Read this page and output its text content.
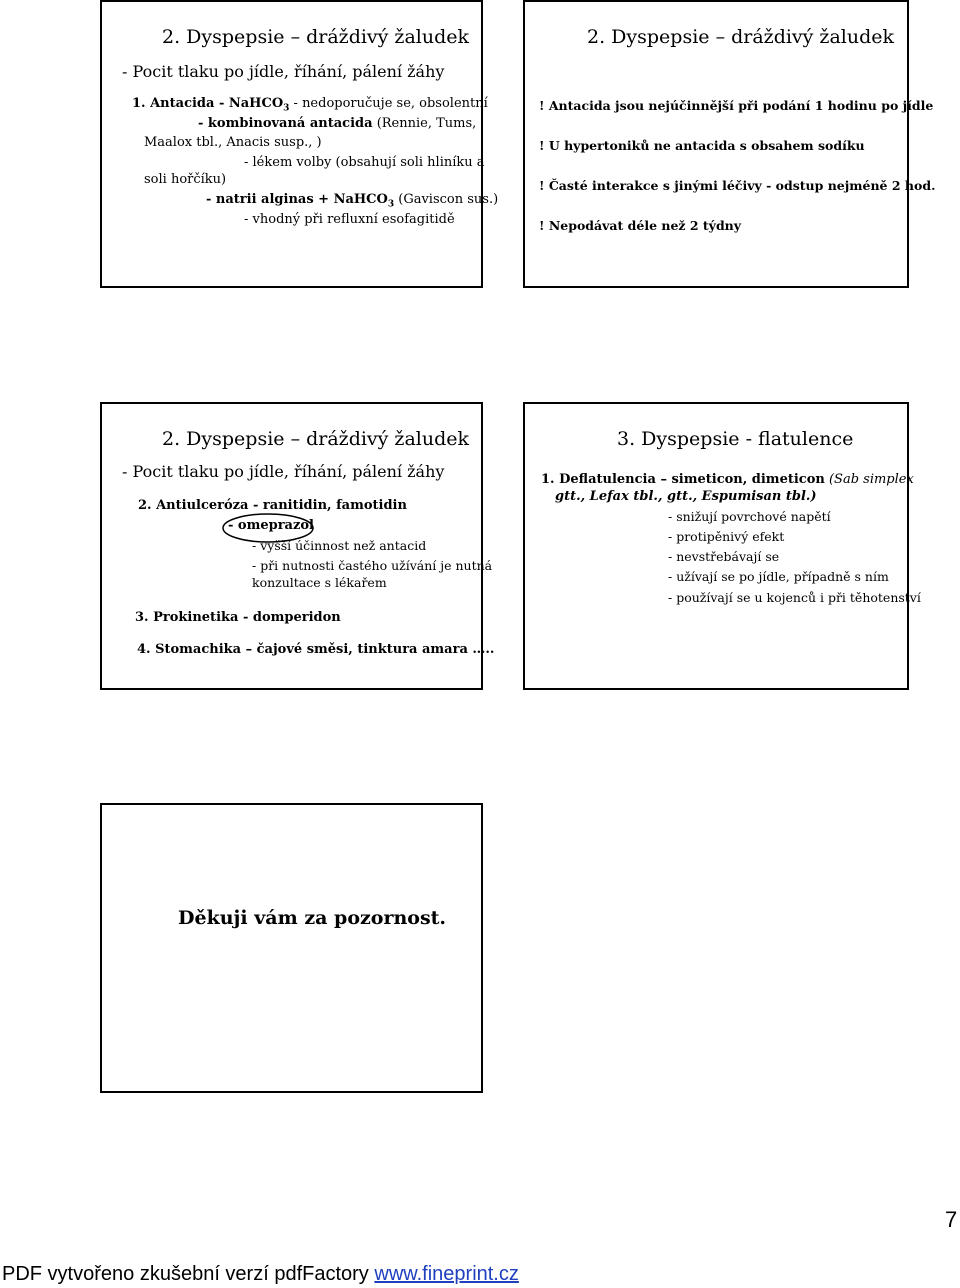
2. Dyspepsie – dráždivý žaludek
- Pocit tlaku po jídle, říhání, pálení žáhy
1. Antacida - NaHCO$_3$ - nedoporučuje se, obsolentní
- kombinovaná antacida (Rennie, Tums,
Maalox tbl., Anacis susp., )
- lékem volby (obsahují soli hliníku a
soli hořčíku)
- natrii alginas + NaHCO$_3$ (Gaviscon sus.)
- vhodný při refluxní esofagitidě
2. Dyspepsie – dráždivý žaludek
! Antacida jsou nejúčinnější při podání 1 hodinu po jídle
! U hypertoniků ne antacida s obsahem sodíku
! Časté interakce s jinými léčivy - odstup nejméně 2 hod.
! Nepodávat déle než 2 týdny
2. Dyspepsie – dráždivý žaludek
- Pocit tlaku po jídle, říhání, pálení žáhy
2. Antiulceróza - ranitidin, famotidin
- omeprazol
- vyšší účinnost než antacid
- při nutnosti častého užívání je nutná
konzultace s lékařem
3. Prokinetika - domperidon
4. Stomachika – čajové směsi, tinktura amara …..
3. Dyspepsie - flatulence
1. Deflatulencia – simeticon, dimeticon (Sab simplex
gtt., Lefax tbl., gtt., Espumisan tbl.)
- snižují povrchové napětí
- protipěnivý efekt
- nevstřebávají se
- užívají se po jídle, případně s ním
- používají se u kojenců i při těhotenství
Děkuji vám za pozornost.
7
PDF vytvořeno zkušební verzí pdfFactory www.fineprint.cz
